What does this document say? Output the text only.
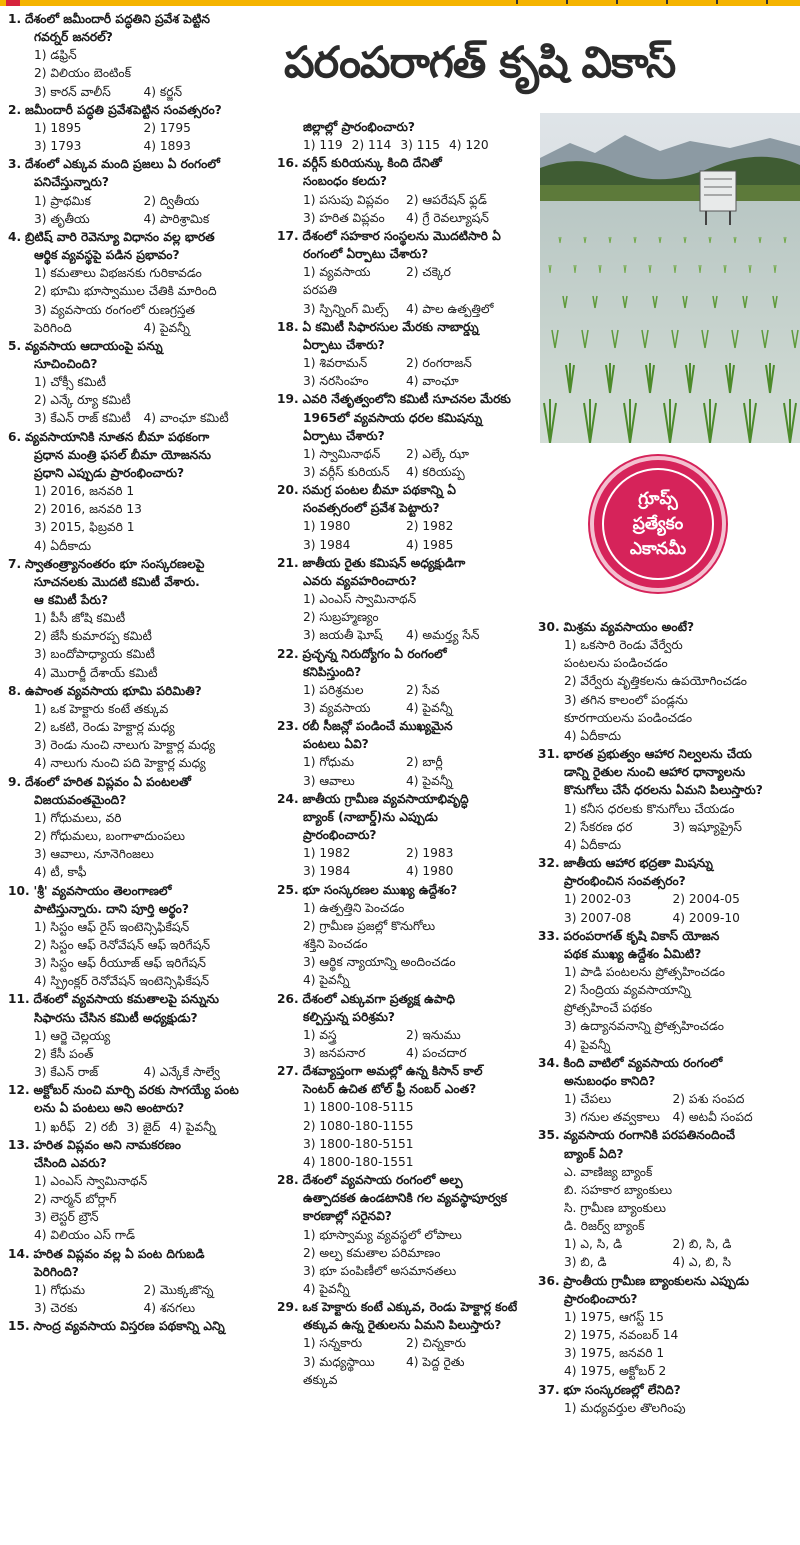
1. దేశంలో జమీందారీ పద్ధతిని ప్రవేశ పెట్టిన
గవర్నర్ జనరల్?
1) డఫ్రిన్
2) విలియం బెంటింక్
3) కారన్ వాలీస్	4) కర్జన్
2. జమీందారీ పద్ధతి ప్రవేశపెట్టిన సంవత్సరం?
1) 1895	2) 1795
3) 1793	4) 1893
3. దేశంలో ఎక్కువ మంది ప్రజలు ఏ రంగంలో
పనిచేస్తున్నారు?
1) ప్రాథమిక	2) ద్వితీయ
3) తృతీయ	4) పారిశ్రామిక
4. బ్రిటిష్ వారి రెవెన్యూ విధానం వల్ల భారత
ఆర్థిక వ్యవస్థపై పడిన ప్రభావం?
1) కమతాలు విభజనకు గురికావడం
2) భూమి భూస్వాముల చేతికి మారింది
3) వ్యవసాయ రంగంలో రుణగ్రస్తత
పెరిగింది	4) పైవన్నీ
5. వ్యవసాయ ఆదాయంపై పన్ను
సూచించింది?
1) చోక్సీ కమిటీ
2) ఎన్కే ర్యూ కమిటీ
3) కేఎన్ రాజ్ కమిటీ	4) వాంఛూ కమిటీ
6. వ్యవసాయానికి నూతన బీమా పథకంగా
ప్రధాన మంత్రి ఫసల్ బీమా యోజనను
ప్రధాని ఎప్పుడు ప్రారంభించారు?
1) 2016, జనవరి 1
2) 2016, జనవరి 13
3) 2015, ఫిబ్రవరి 1
4) ఏదీకాదు
7. స్వాతంత్ర్యానంతరం భూ సంస్కరణలపై
సూచనలకు మొదటి కమిటీ వేశారు.
ఆ కమిటీ పేరు?
1) పీసీ జోషి కమిటీ
2) జేసీ కుమారప్ప కమిటీ
3) బందోపాధ్యాయ కమిటీ
4) మొరార్జీ దేశాయ్ కమిటీ
8. ఉపాంత వ్యవసాయ భూమి పరిమితి?
1) ఒక హెక్టారు కంటే తక్కువ
2) ఒకటి, రెండు హెక్టార్ల మధ్య
3) రెండు నుంచి నాలుగు హెక్టార్ల మధ్య
4) నాలుగు నుంచి పది హెక్టార్ల మధ్య
9. దేశంలో హరిత విప్లవం ఏ పంటలతో
విజయవంతమైంది?
1) గోధుమలు, వరి
2) గోధుమలు, బంగాళాదుంపలు
3) ఆవాలు, నూనెగింజలు
4) టీ, కాఫీ
10. 'శ్రీ' వ్యవసాయం తెలంగాణలో
పాటిస్తున్నారు. దాని పూర్తి అర్థం?
1) సిస్టం ఆఫ్ రైస్ ఇంటెన్సిఫికేషన్
2) సిస్టం ఆఫ్ రెనోవేషన్ ఆఫ్ ఇరిగేషన్
3) సిస్టం ఆఫ్ రీయూజ్ ఆఫ్ ఇరిగేషన్
4) స్ప్రింక్లర్ రెనోవేషన్ ఇంటెన్సిఫికేషన్
11. దేశంలో వ్యవసాయ కమతాలపై పన్నును
సిఫారసు చేసిన కమిటీ అధ్యక్షుడు?
1) ఆర్జె చెల్లయ్య
2) కేసీ పంత్
3) కేఎన్ రాజ్	4) ఎన్కేకే సాల్వే
12. అక్టోబర్ నుంచి మార్చి వరకు సాగయ్యే పంట
లను ఏ పంటలు అని అంటారు?
1) ఖరీఫ్ 2) రబీ 3) జైద్ 4) పైవన్నీ
13. హరిత విప్లవం అని నామకరణం
చేసింది ఎవరు?
1) ఎంఎస్ స్వామినాథన్
2) నార్మన్ బోర్లాగ్
3) లెస్టర్ బ్రౌన్
4) విలియం ఎస్ గాడ్
14. హరిత విప్లవం వల్ల ఏ పంట దిగుబడి
పెరిగింది?
1) గోధుమ	2) మొక్కజొన్న
3) చెరకు	4) శనగలు
15. సాంద్ర వ్యవసాయ విస్తరణ పథకాన్ని ఎన్ని
జిల్లాల్లో ప్రారంభించారు?
1) 119 2) 114 3) 115 4) 120
16. వర్గీస్ కురియన్కు కింది దేనితో
సంబంధం కలదు?
1) పసుపు విప్లవం	2) ఆపరేషన్ ఫ్లడ్
3) హరిత విప్లవం	4) గ్రే రెవల్యూషన్
17. దేశంలో సహకార సంస్థలను మొదటిసారి ఏ
రంగంలో ఏర్పాటు చేశారు?
1) వ్యవసాయ పరపతి
2) చక్కెర
3) స్పిన్నింగ్ మిల్స్	4) పాల ఉత్పత్తిలో
18. ఏ కమిటీ సిఫారసుల మేరకు నాబార్డ్ను
ఏర్పాటు చేశారు?
1) శివరామన్	2) రంగరాజన్
3) నరసింహం	4) వాంఛూ
19. ఎవరి నేతృత్వంలోని కమిటీ సూచనల మేరకు
1965లో వ్యవసాయ ధరల కమిషన్ను
ఏర్పాటు చేశారు?
1) స్వామినాథన్	2) ఎల్కే ఝా
3) వర్గీస్ కురియన్	4) కరియప్ప
20. సమగ్ర పంటల బీమా పథకాన్ని ఏ
సంవత్సరంలో ప్రవేశ పెట్టారు?
1) 1980	2) 1982
3) 1984	4) 1985
21. జాతీయ రైతు కమిషన్ అధ్యక్షుడిగా
ఎవరు వ్యవహరించారు?
1) ఎంఎస్ స్వామినాథన్
2) సుబ్రహ్మణ్యం
3) జయతీ ఘోష్	4) అమర్త్య సేన్
22. ప్రచ్ఛన్న నిరుద్యోగం ఏ రంగంలో
కనిపిస్తుంది?
1) పరిశ్రమల	2) సేవ
3) వ్యవసాయ	4) పైవన్నీ
23. రబీ సీజన్లో పండించే ముఖ్యమైన
పంటలు ఏవి?
1) గోధుమ	2) బార్లీ
3) ఆవాలు	4) పైవన్నీ
24. జాతీయ గ్రామీణ వ్యవసాయాభివృద్ధి
బ్యాంక్ (నాబార్డ్)ను ఎప్పుడు
ప్రారంభించారు?
1) 1982	2) 1983
3) 1984	4) 1980
25. భూ సంస్కరణల ముఖ్య ఉద్దేశం?
1) ఉత్పత్తిని పెంచడం
2) గ్రామీణ ప్రజల్లో కొనుగోలు
శక్తిని పెంచడం
3) ఆర్థిక న్యాయాన్ని అందించడం
4) పైవన్నీ
26. దేశంలో ఎక్కువగా ప్రత్యక్ష ఉపాధి
కల్పిస్తున్న పరిశ్రమ?
1) వస్త్ర	2) ఇనుము
3) జనపనార	4) పంచదార
27. దేశవ్యాప్తంగా అమల్లో ఉన్న కిసాన్ కాల్
సెంటర్ ఉచిత టోల్ ఫ్రీ నంబర్ ఎంత?
1) 1800-108-5115
2) 1080-180-1155
3) 1800-180-5151
4) 1800-180-1551
28. దేశంలో వ్యవసాయ రంగంలో అల్ప
ఉత్పాదకత ఉండటానికి గల వ్యవస్థాపూర్వక
కారణాల్లో సరైనవి?
1) భూస్వామ్య వ్యవస్థలో లోపాలు
2) అల్ప కమతాల పరిమాణం
3) భూ పంపిణీలో అసమానతలు
4) పైవన్నీ
29. ఒక హెక్టారు కంటే ఎక్కువ, రెండు హెక్టార్ల కంటే
తక్కువ ఉన్న రైతులను ఏమని పిలుస్తారు?
1) సన్నకారు	2) చిన్నకారు
3) మధ్యస్థాయి తక్కువ
4) పెద్ద రైతు
30. మిశ్రమ వ్యవసాయం అంటే?
1) ఒకసారి రెండు వేర్వేరు
పంటలను పండించడం
2) వేర్వేరు వృత్తికలను ఉపయోగించడం
3) తగిన కాలంలో పండ్లను
కూరగాయలను పండించడం
4) ఏదీకాదు
31. భారత ప్రభుత్వం ఆహార నిల్వలను చేయ
డాన్ని రైతుల నుంచి ఆహార ధాన్యాలను
కొనుగోలు చేసే ధరలను ఏమని పిలుస్తారు?
1) కనీస ధరలకు కొనుగోలు చేయడం
2) సేకరణ ధర	3) ఇష్యూప్రైస్
4) ఏదీకాదు
32. జాతీయ ఆహార భద్రతా మిషన్ను
ప్రారంభించిన సంవత్సరం?
1) 2002-03	2) 2004-05
3) 2007-08	4) 2009-10
33. పరంపరాగత్ కృషి వికాస్ యోజన
పథక ముఖ్య ఉద్దేశం ఏమిటి?
1) పాడి పంటలను ప్రోత్సహించడం
2) సేంద్రియ వ్యవసాయాన్ని
ప్రోత్సహించే పథకం
3) ఉద్యానవనాన్ని ప్రోత్సహించడం
4) పైవన్నీ
34. కింది వాటిలో వ్యవసాయ రంగంలో
అనుబంధం కానిది?
1) చేపలు	2) పశు సంపద
3) గనుల తవ్వకాలు	4) అటవీ సంపద
35. వ్యవసాయ రంగానికి పరపతినందించే
బ్యాంక్ ఏది?
ఎ. వాణిజ్య బ్యాంక్
బి. సహకార బ్యాంకులు
సి. గ్రామీణ బ్యాంకులు
డి. రిజర్వ్ బ్యాంక్
1) ఎ, సి, డి	2) బి, సి, డి
3) బి, డి	4) ఎ, బి, సి
36. ప్రాంతీయ గ్రామీణ బ్యాంకులను ఎప్పుడు
ప్రారంభించారు?
1) 1975, ఆగస్ట్ 15
2) 1975, నవంబర్ 14
3) 1975, జనవరి 1
4) 1975, అక్టోబర్ 2
37. భూ సంస్కరణల్లో లేనిది?
1) మధ్యవర్తుల తొలగింపు
పరంపరాగత్ కృషి వికాస్
గ్రూప్స్
ప్రత్యేకం
ఎకానమీ
